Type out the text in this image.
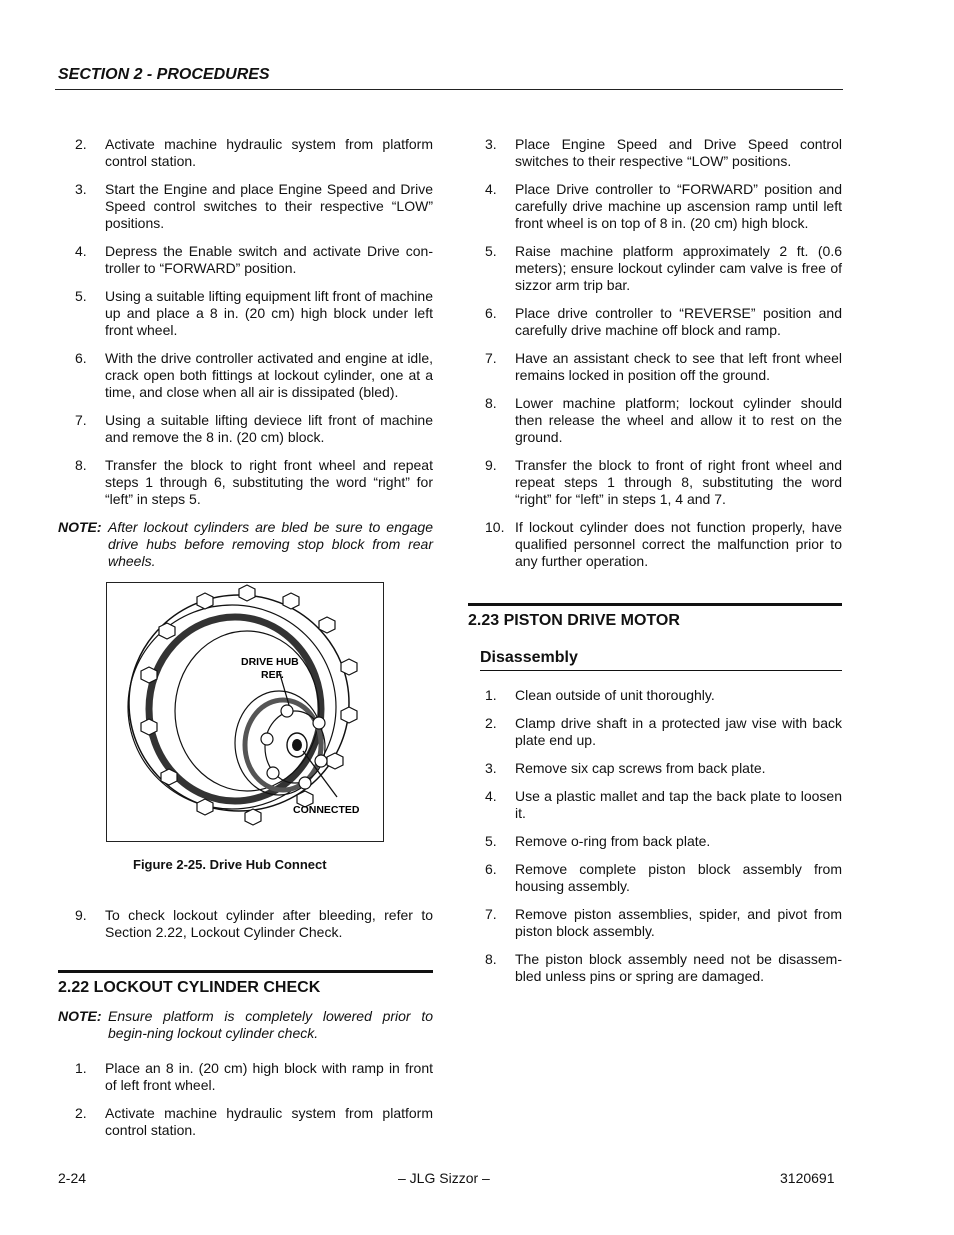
SECTION 2 - PROCEDURES
2.	Activate machine hydraulic system from platform control station.
3.	Start the Engine and place Engine Speed and Drive Speed control switches to their respective “LOW” positions.
4.	Depress the Enable switch and activate Drive con-troller to “FORWARD” position.
5.	Using a suitable lifting equipment lift front of machine up and place a 8 in. (20 cm) high block under left front wheel.
6.	With the drive controller activated and engine at idle, crack open both fittings at lockout cylinder, one at a time, and close when all air is dissipated (bled).
7.	Using a suitable lifting deviece lift front of machine and remove the 8 in. (20 cm) block.
8.	Transfer the block to right front wheel and repeat steps 1 through 6, substituting the word “right” for “left” in steps 5.
NOTE: After lockout cylinders are bled be sure to engage drive hubs before removing stop block from rear wheels.
DRIVE HUB
REF.
CONNECTED
Figure 2-25. Drive Hub Connect
9.	To check lockout cylinder after bleeding, refer to Section 2.22, Lockout Cylinder Check.
2.22 LOCKOUT CYLINDER CHECK
NOTE: Ensure platform is completely lowered prior to begin-ning lockout cylinder check.
1.	Place an 8 in. (20 cm) high block with ramp in front of left front wheel.
2.	Activate machine hydraulic system from platform control station.
3.	Place Engine Speed and Drive Speed control switches to their respective “LOW” positions.
4.	Place Drive controller to “FORWARD” position and carefully drive machine up ascension ramp until left front wheel is on top of 8 in. (20 cm) high block.
5.	Raise machine platform approximately 2 ft. (0.6 meters); ensure lockout cylinder cam valve is free of sizzor arm trip bar.
6.	Place drive controller to “REVERSE” position and carefully drive machine off block and ramp.
7.	Have an assistant check to see that left front wheel remains locked in position off the ground.
8.	Lower machine platform; lockout cylinder should then release the wheel and allow it to rest on the ground.
9.	Transfer the block to front of right front wheel and repeat steps 1 through 8, substituting the word “right” for “left” in steps 1, 4 and 7.
10. If lockout cylinder does not function properly, have qualified personnel correct the malfunction prior to any further operation.
2.23 PISTON DRIVE MOTOR
Disassembly
1.	Clean outside of unit thoroughly.
2.	Clamp drive shaft in a protected jaw vise with back plate end up.
3.	Remove six cap screws from back plate.
4.	Use a plastic mallet and tap the back plate to loosen it.
5.	Remove o-ring from back plate.
6.	Remove complete piston block assembly from housing assembly.
7.	Remove piston assemblies, spider, and pivot from piston block assembly.
8.	The piston block assembly need not be disassem-bled unless pins or spring are damaged.
2-24	– JLG Sizzor –	3120691
